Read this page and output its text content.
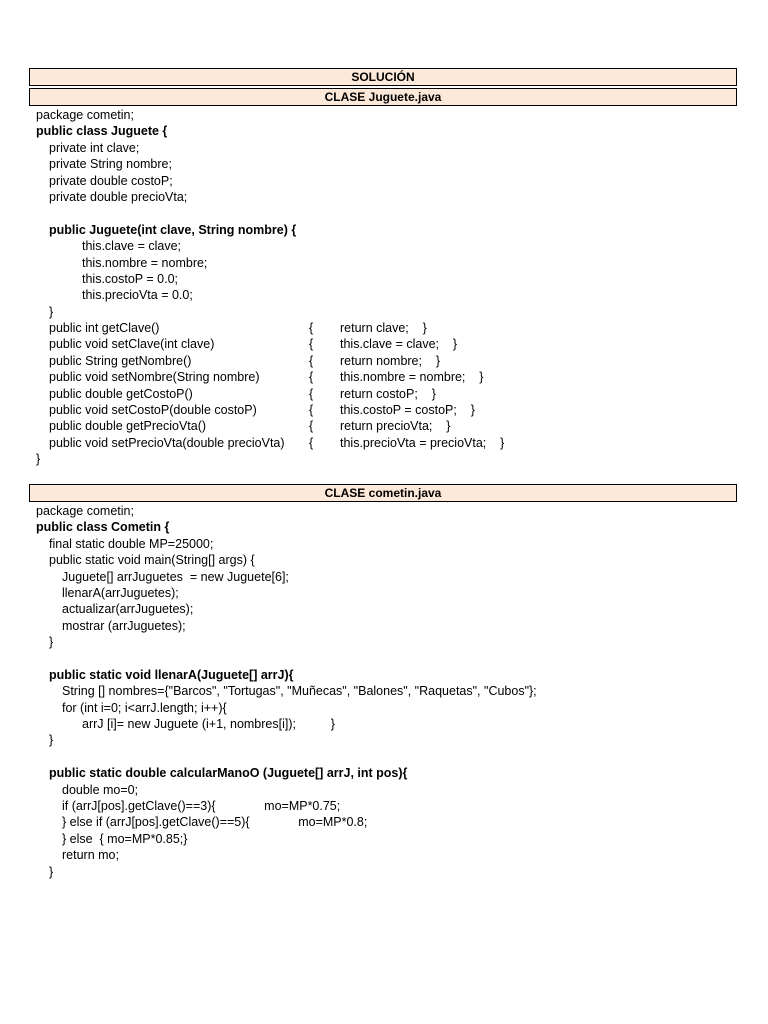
SOLUCIÓN
CLASE Juguete.java
package cometin;
public class Juguete {
private int clave;
private String nombre;
private double costoP;
private double precioVta;
public Juguete(int clave, String nombre) {
this.clave = clave;
this.nombre = nombre;
this.costoP = 0.0;
this.precioVta = 0.0;
}
public int getClave()	{ return clave;    }
public void setClave(int clave)	{ this.clave = clave;    }
public String getNombre()	{ return nombre;    }
public void setNombre(String nombre)	{ this.nombre = nombre;    }
public double getCostoP()	{ return costoP;    }
public void setCostoP(double costoP)	{ this.costoP = costoP;    }
public double getPrecioVta()	{ return precioVta;    }
public void setPrecioVta(double precioVta) { this.precioVta = precioVta;    }
}
CLASE cometin.java
package cometin;
public class Cometin {
final static double MP=25000;
public static void main(String[] args) {
Juguete[] arrJuguetes  = new Juguete[6];
llenarA(arrJuguetes);
actualizar(arrJuguetes);
mostrar (arrJuguetes);
}
public static void llenarA(Juguete[] arrJ){
String [] nombres={"Barcos", "Tortugas", "Muñecas", "Balones", "Raquetas", "Cubos"};
for (int i=0; i<arrJ.length; i++){
arrJ [i]= new Juguete (i+1, nombres[i]);          }
}
public static double calcularManoO (Juguete[] arrJ, int pos){
double mo=0;
if (arrJ[pos].getClave()==3){              mo=MP*0.75;
} else if (arrJ[pos].getClave()==5){              mo=MP*0.8;
} else  { mo=MP*0.85;}
return mo;
}
